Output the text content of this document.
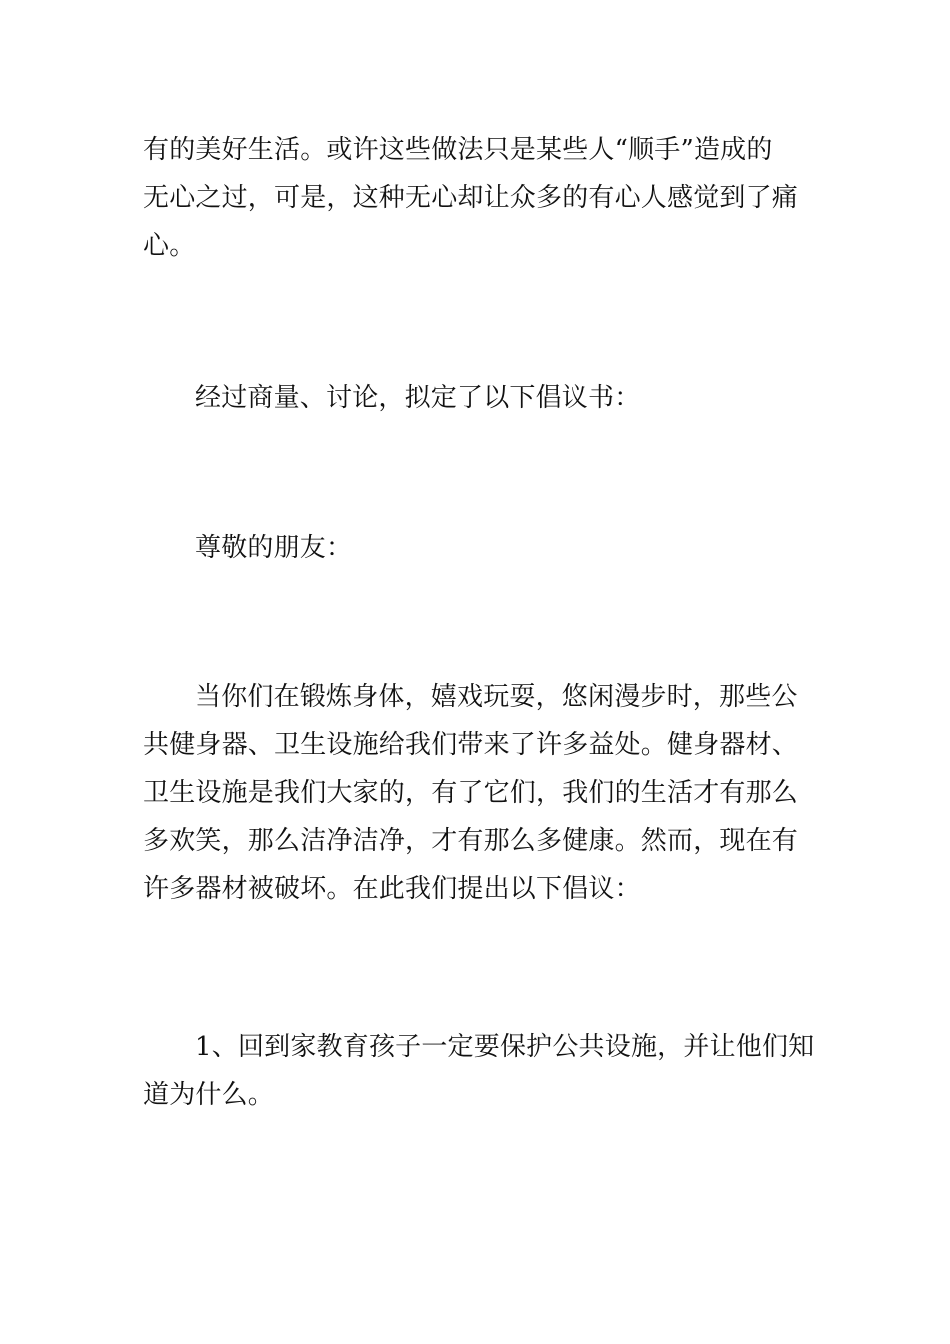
有的美好生活。或许这些做法只是某些人“顺手”造成的
无心之过，可是，这种无心却让众多的有心人感觉到了痛
心。

经过商量、讨论，拟定了以下倡议书：

尊敬的朋友：

当你们在锻炼身体，嬉戏玩耍，悠闲漫步时，那些公
共健身器、卫生设施给我们带来了许多益处。健身器材、
卫生设施是我们大家的，有了它们，我们的生活才有那么
多欢笑，那么洁净洁净，才有那么多健康。然而，现在有
许多器材被破坏。在此我们提出以下倡议：

1、回到家教育孩子一定要保护公共设施，并让他们知
道为什么。
